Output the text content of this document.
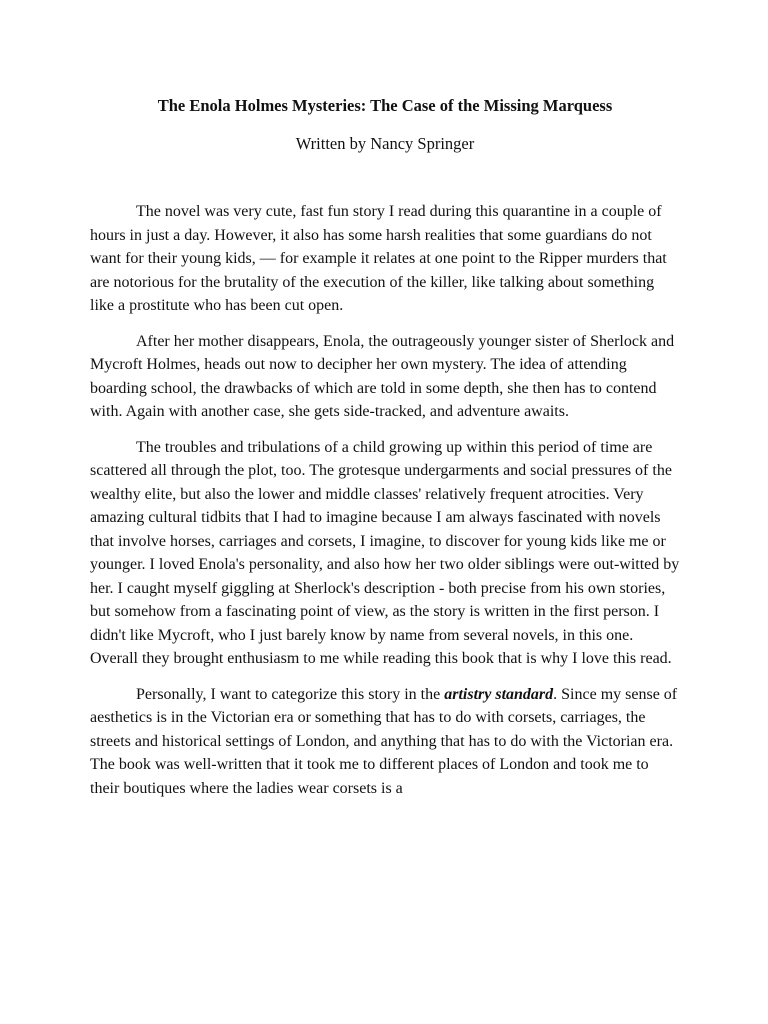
The Enola Holmes Mysteries: The Case of the Missing Marquess

Written by Nancy Springer

The novel was very cute, fast fun story I read during this quarantine in a couple of hours in just a day. However, it also has some harsh realities that some guardians do not want for their young kids, — for example it relates at one point to the Ripper murders that are notorious for the brutality of the execution of the killer, like talking about something like a prostitute who has been cut open.

After her mother disappears, Enola, the outrageously younger sister of Sherlock and Mycroft Holmes, heads out now to decipher her own mystery. The idea of attending boarding school, the drawbacks of which are told in some depth, she then has to contend with. Again with another case, she gets side-tracked, and adventure awaits.

The troubles and tribulations of a child growing up within this period of time are scattered all through the plot, too. The grotesque undergarments and social pressures of the wealthy elite, but also the lower and middle classes' relatively frequent atrocities. Very amazing cultural tidbits that I had to imagine because I am always fascinated with novels that involve horses, carriages and corsets, I imagine, to discover for young kids like me or younger. I loved Enola's personality, and also how her two older siblings were out-witted by her. I caught myself giggling at Sherlock's description - both precise from his own stories, but somehow from a fascinating point of view, as the story is written in the first person. I didn't like Mycroft, who I just barely know by name from several novels, in this one. Overall they brought enthusiasm to me while reading this book that is why I love this read.

Personally, I want to categorize this story in the artistry standard. Since my sense of aesthetics is in the Victorian era or something that has to do with corsets, carriages, the streets and historical settings of London, and anything that has to do with the Victorian era. The book was well-written that it took me to different places of London and took me to their boutiques where the ladies wear corsets is a
